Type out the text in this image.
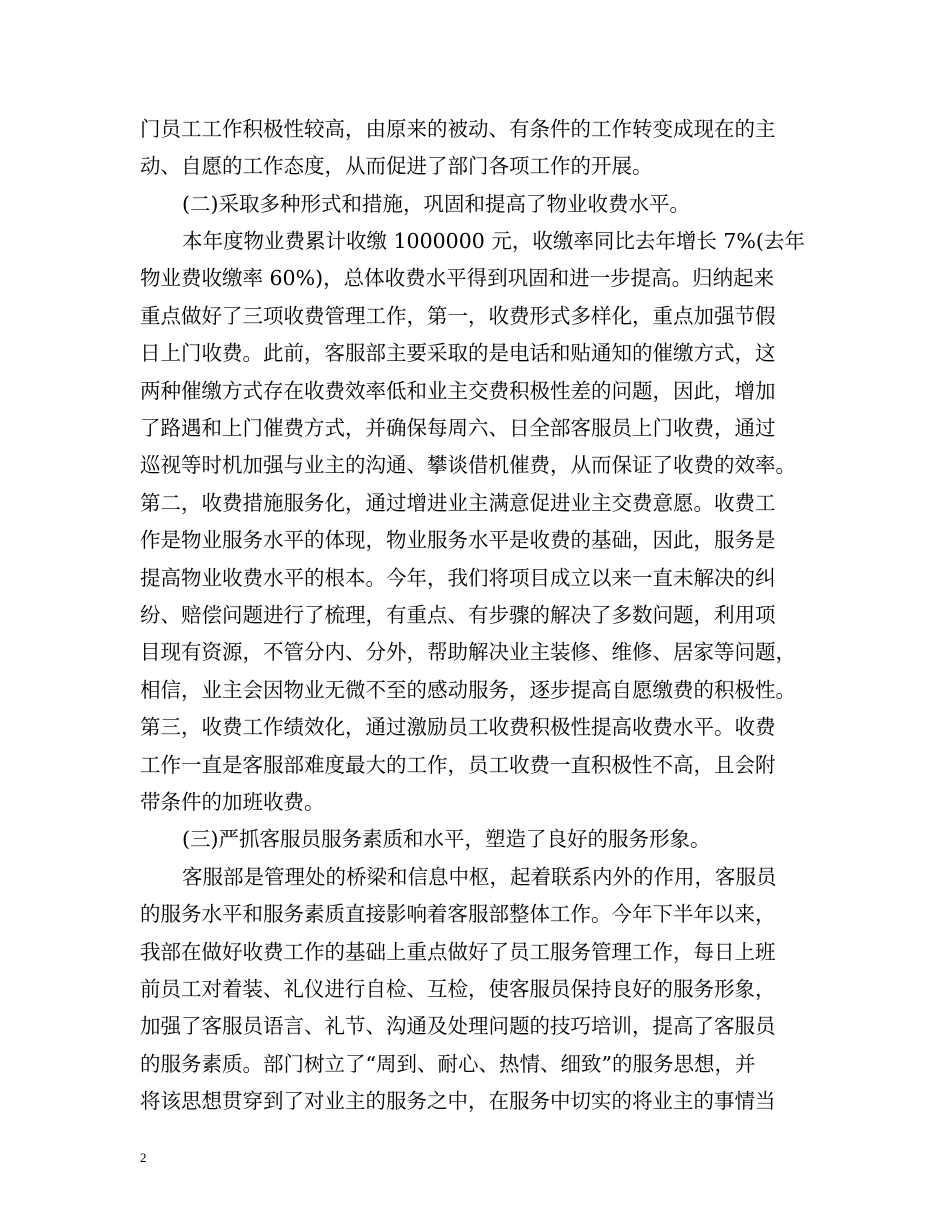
门员工工作积极性较高，由原来的被动、有条件的工作转变成现在的主
动、自愿的工作态度，从而促进了部门各项工作的开展。
(二)采取多种形式和措施，巩固和提高了物业收费水平。
本年度物业费累计收缴 1000000 元，收缴率同比去年增长 7%(去年
物业费收缴率 60%)，总体收费水平得到巩固和进一步提高。归纳起来
重点做好了三项收费管理工作，第一，收费形式多样化，重点加强节假
日上门收费。此前，客服部主要采取的是电话和贴通知的催缴方式，这
两种催缴方式存在收费效率低和业主交费积极性差的问题，因此，增加
了路遇和上门催费方式，并确保每周六、日全部客服员上门收费，通过
巡视等时机加强与业主的沟通、攀谈借机催费，从而保证了收费的效率。
第二，收费措施服务化，通过增进业主满意促进业主交费意愿。收费工
作是物业服务水平的体现，物业服务水平是收费的基础，因此，服务是
提高物业收费水平的根本。今年，我们将项目成立以来一直未解决的纠
纷、赔偿问题进行了梳理，有重点、有步骤的解决了多数问题，利用项
目现有资源，不管分内、分外，帮助解决业主装修、维修、居家等问题，
相信，业主会因物业无微不至的感动服务，逐步提高自愿缴费的积极性。
第三，收费工作绩效化，通过激励员工收费积极性提高收费水平。收费
工作一直是客服部难度最大的工作，员工收费一直积极性不高，且会附
带条件的加班收费。
(三)严抓客服员服务素质和水平，塑造了良好的服务形象。
客服部是管理处的桥梁和信息中枢，起着联系内外的作用，客服员
的服务水平和服务素质直接影响着客服部整体工作。今年下半年以来，
我部在做好收费工作的基础上重点做好了员工服务管理工作，每日上班
前员工对着装、礼仪进行自检、互检，使客服员保持良好的服务形象，
加强了客服员语言、礼节、沟通及处理问题的技巧培训，提高了客服员
的服务素质。部门树立了“周到、耐心、热情、细致”的服务思想，并
将该思想贯穿到了对业主的服务之中，在服务中切实的将业主的事情当
2
